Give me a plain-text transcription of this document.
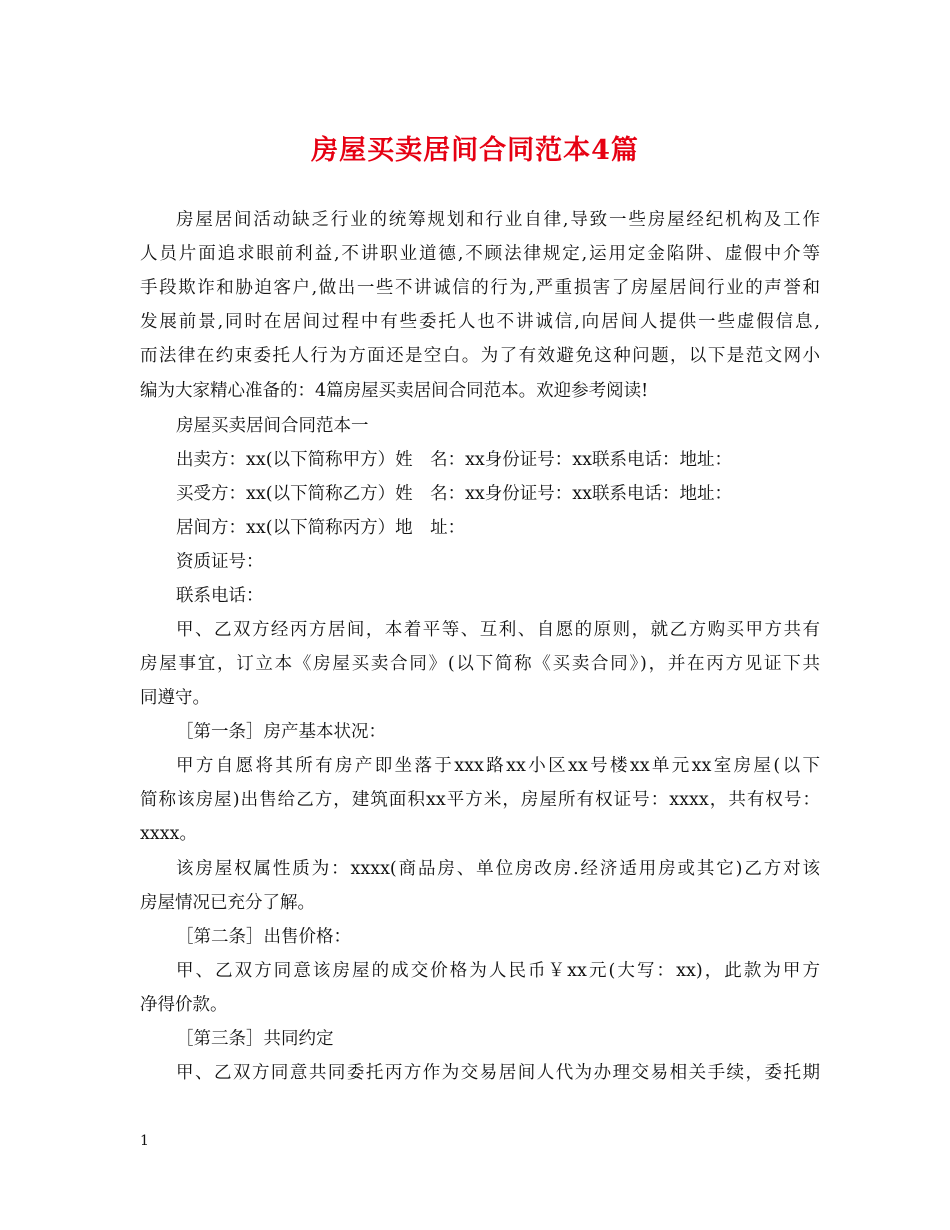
房屋买卖居间合同范本4篇
房屋居间活动缺乏行业的统筹规划和行业自律,导致一些房屋经纪机构及工作
人员片面追求眼前利益,不讲职业道德,不顾法律规定,运用定金陷阱、虚假中介等
手段欺诈和胁迫客户,做出一些不讲诚信的行为,严重损害了房屋居间行业的声誉和
发展前景,同时在居间过程中有些委托人也不讲诚信,向居间人提供一些虚假信息,
而法律在约束委托人行为方面还是空白。为了有效避免这种问题，以下是范文网小
编为大家精心准备的：4篇房屋买卖居间合同范本。欢迎参考阅读!
房屋买卖居间合同范本一
出卖方：xx(以下简称甲方）姓　名：xx身份证号：xx联系电话：地址：
买受方：xx(以下简称乙方）姓　名：xx身份证号：xx联系电话：地址：
居间方：xx(以下简称丙方）地　址：
资质证号：
联系电话：
甲、乙双方经丙方居间，本着平等、互利、自愿的原则，就乙方购买甲方共有
房屋事宜，订立本《房屋买卖合同》(以下简称《买卖合同》)，并在丙方见证下共
同遵守。
［第一条］房产基本状况：
甲方自愿将其所有房产即坐落于xxx路xx小区xx号楼xx单元xx室房屋(以下
简称该房屋)出售给乙方，建筑面积xx平方米，房屋所有权证号：xxxx，共有权号：
xxxx。
该房屋权属性质为：xxxx(商品房、单位房改房.经济适用房或其它)乙方对该
房屋情况已充分了解。
［第二条］出售价格：
甲、乙双方同意该房屋的成交价格为人民币￥xx元(大写：xx)，此款为甲方
净得价款。
［第三条］共同约定
甲、乙双方同意共同委托丙方作为交易居间人代为办理交易相关手续，委托期
1
